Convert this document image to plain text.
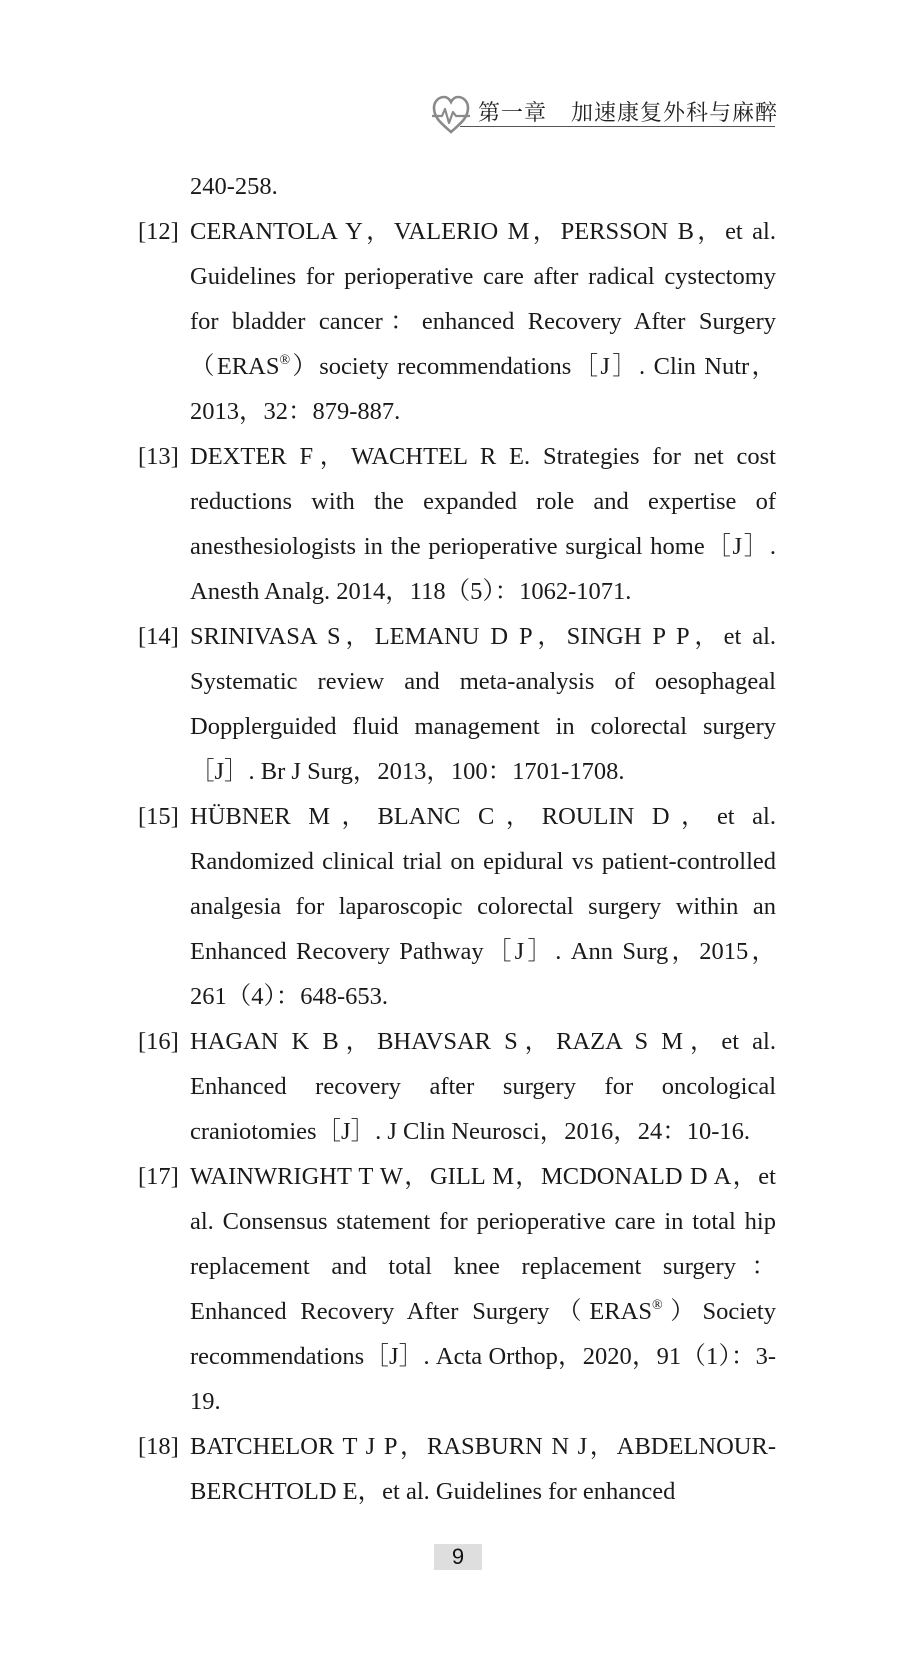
第一章 加速康复外科与麻醉
240-258.
[12] CERANTOLA Y，VALERIO M，PERSSON B，et al. Guidelines for perioperative care after radical cystectomy for bladder cancer：enhanced Recovery After Surgery（ERAS®）society recommendations［J］. Clin Nutr，2013，32：879-887.
[13] DEXTER F，WACHTEL R E. Strategies for net cost reductions with the expanded role and expertise of anesthesiologists in the perioperative surgical home［J］. Anesth Analg. 2014，118（5）：1062-1071.
[14] SRINIVASA S，LEMANU D P，SINGH P P，et al. Systematic review and meta-analysis of oesophageal Dopplerguided fluid management in colorectal surgery［J］. Br J Surg，2013，100：1701-1708.
[15] HÜBNER M，BLANC C，ROULIN D，et al. Randomized clinical trial on epidural vs patient-controlled analgesia for laparoscopic colorectal surgery within an Enhanced Recovery Pathway［J］. Ann Surg，2015，261（4）：648-653.
[16] HAGAN K B，BHAVSAR S，RAZA S M，et al. Enhanced recovery after surgery for oncological craniotomies［J］. J Clin Neurosci，2016，24：10-16.
[17] WAINWRIGHT T W，GILL M，MCDONALD D A，et al. Consensus statement for perioperative care in total hip replacement and total knee replacement surgery：Enhanced Recovery After Surgery（ERAS®）Society recommendations［J］. Acta Orthop，2020，91（1）：3-19.
[18] BATCHELOR T J P，RASBURN N J，ABDELNOUR-BERCHTOLD E，et al. Guidelines for enhanced
9
